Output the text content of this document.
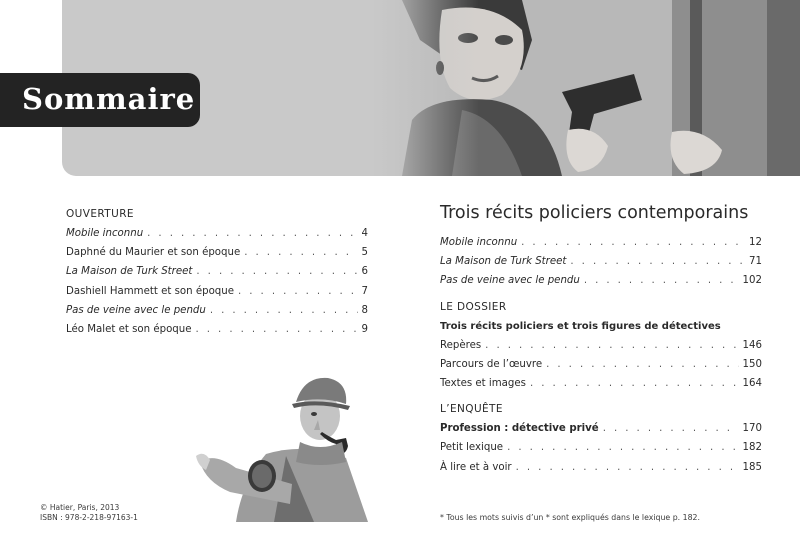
Sommaire
OUVERTURE
Mobile inconnu . . .	4
Daphné du Maurier et son époque . . .	5
La Maison de Turk Street . . .	6
Dashiell Hammett et son époque . . .	7
Pas de veine avec le pendu . . .	8
Léo Malet et son époque . . .	9
Trois récits policiers contemporains
Mobile inconnu . . .	12
La Maison de Turk Street . . .	71
Pas de veine avec le pendu . . .	102
LE DOSSIER
Trois récits policiers et trois figures de détectives
Repères . . .	146
Parcours de l’œuvre . . .	150
Textes et images . . .	164
L’ENQUÊTE
Profession : détective privé . . .	170
Petit lexique . . .	182
À lire et à voir . . .	185
© Hatier, Paris, 2013
ISBN : 978-2-218-97163-1	* Tous les mots suivis d’un * sont expliqués dans le lexique p. 182.
